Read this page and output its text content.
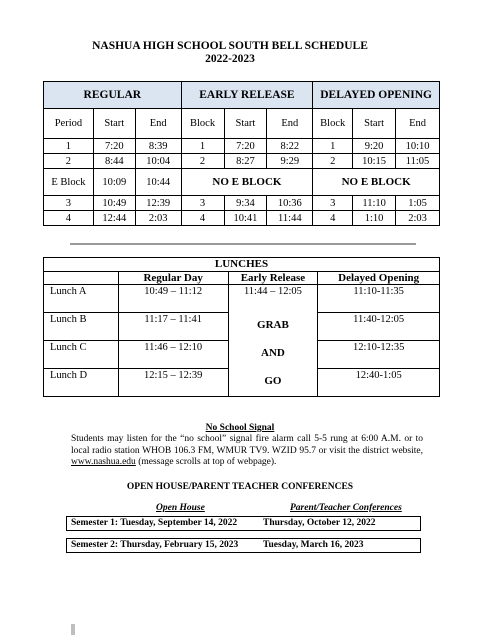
NASHUA HIGH SCHOOL SOUTH BELL SCHEDULE
2022-2023
REGULAR			EARLY RELEASE			DELAYED OPENING		
Period	Start	End	Block	Start	End	Block	Start	End
1	7:20	8:39	1	7:20	8:22	1	9:20	10:10
2	8:44	10:04	2	8:27	9:29	2	10:15	11:05
E Block	10:09	10:44	NO E BLOCK			NO E BLOCK		
3	10:49	12:39	3	9:34	10:36	3	11:10	1:05
4	12:44	2:03	4	10:41	11:44	4	1:10	2:03
LUNCHES			
	Regular Day	Early Release	Delayed Opening
Lunch A	10:49 – 11:12	11:44 – 12:05	11:10-11:35
Lunch B	11:17 – 11:41	GRAB	11:40-12:05
Lunch C	11:46 – 12:10	AND	12:10-12:35
Lunch D	12:15 – 12:39	GO	12:40-1:05
No School Signal
Students may listen for the “no school” signal fire alarm call 5-5 rung at 6:00 A.M. or to local radio station WHOB 106.3 FM, WMUR TV9. WZID 95.7 or visit the district website, www.nashua.edu (message scrolls at top of webpage).
OPEN HOUSE/PARENT TEACHER CONFERENCES
Open House	Parent/Teacher Conferences
Semester 1: Tuesday, September 14, 2022	Thursday, October 12, 2022
Semester 2: Thursday, February 15, 2023	Tuesday, March 16, 2023
